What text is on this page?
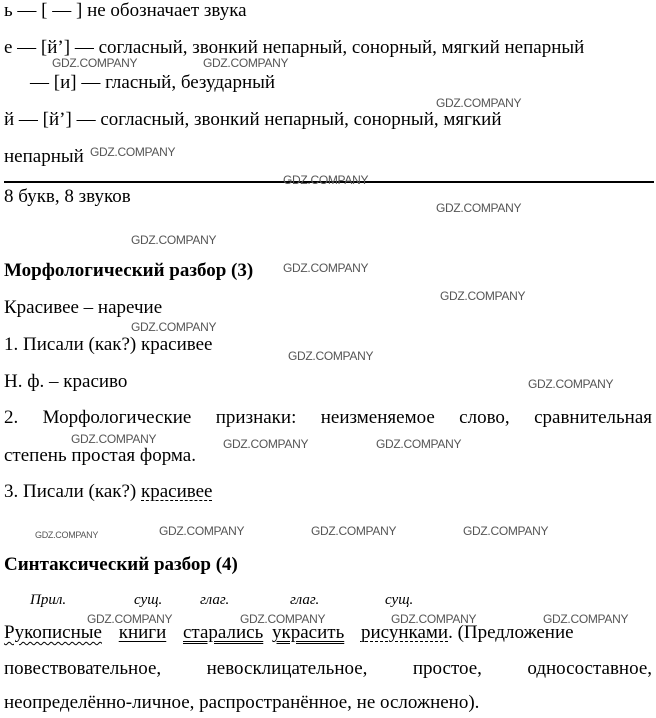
ь — [ — ] не обозначает звука
е — [й’] — согласный, звонкий непарный, сонорный, мягкий непарный
— [и] — гласный, безударный
й — [й’] — согласный, звонкий непарный, сонорный, мягкий
непарный
8 букв, 8 звуков
Морфологический разбор (3)
Красивее – наречие
1. Писали (как?) красивее
Н. ф. – красиво
2. Морфологические признаки: неизменяемое слово, сравнительная
степень простая форма.
3. Писали (как?) красивее
Синтаксический разбор (4)
Прил.	сущ.	глаг.	глаг.	сущ.
Рукописные книги старались украсить рисунками. (Предложение
повествовательное, невосклицательное, простое, односоставное,
неопределённо-личное, распространённое, не осложнено).
GDZ.COMPANY	GDZ.COMPANY
GDZ.COMPANY
GDZ.COMPANY
GDZ.COMPANY
GDZ.COMPANY
GDZ.COMPANY
GDZ.COMPANY
GDZ.COMPANY
GDZ.COMPANY
GDZ.COMPANY
GDZ.COMPANY
GDZ.COMPANY	GDZ.COMPANY	GDZ.COMPANY
GDZ.COMPANY	GDZ.COMPANY	GDZ.COMPANY	GDZ.COMPANY
GDZ.COMPANY	GDZ.COMPANY	GDZ.COMPANY	GDZ.COMPANY
